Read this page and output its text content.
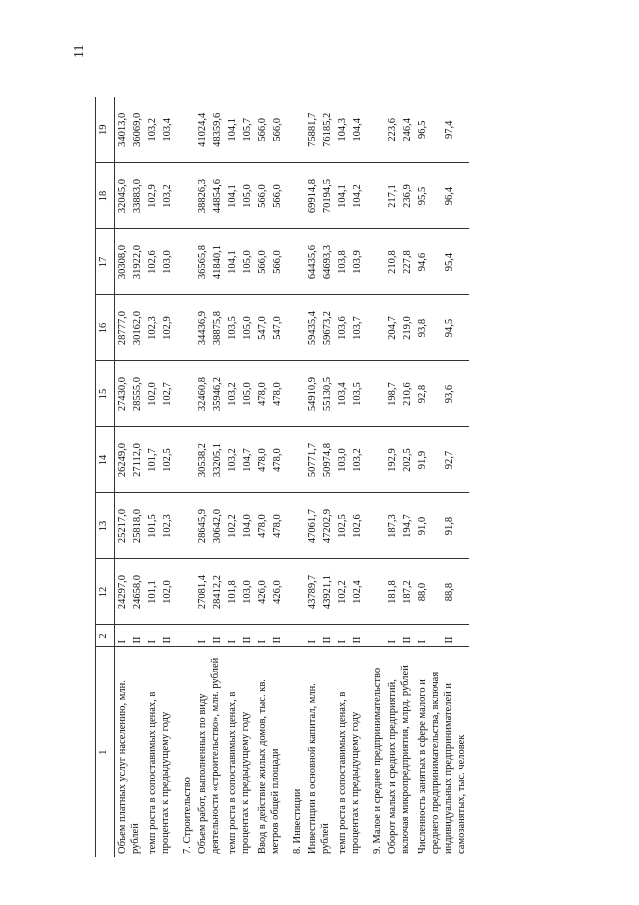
11
1	2	12	13	14	15	16	17	18	19
Объем платных услуг населению, млн. рублей	I	24297,0	25217,0	26249,0	27430,0	28777,0	30308,0	32045,0	34013,0
	II	24658,0	25818,0	27112,0	28555,0	30162,0	31922,0	33883,0	36069,0
темп роста в сопоставимых ценах, в процентах к предыдущему году	I	101,1	101,5	101,7	102,0	102,3	102,6	102,9	103,2
	II	102,0	102,3	102,5	102,7	102,9	103,0	103,2	103,4
7. Строительство									
Объем работ, выполненных по виду деятельности «строительство», млн. рублей	I	27081,4	28645,9	30538,2	32460,8	34436,9	36565,8	38826,3	41024,4
	II	28412,2	30642,0	33205,1	35946,2	38875,8	41840,1	44854,6	48359,6
темп роста в сопоставимых ценах, в процентах к предыдущему году	I	101,8	102,2	103,2	103,2	103,5	104,1	104,1	104,1
	II	103,0	104,0	104,7	105,0	105,0	105,0	105,0	105,7
Ввод в действие жилых домов, тыс. кв. метров общей площади	I	426,0	478,0	478,0	478,0	547,0	566,0	566,0	566,0
	II	426,0	478,0	478,0	478,0	547,0	566,0	566,0	566,0
8. Инвестиции									
Инвестиции в основной капитал, млн. рублей	I	43789,7	47061,7	50771,7	54910,9	59435,4	64435,6	69914,8	75881,7
	II	43921,1	47202,9	50974,8	55130,5	59673,2	64693,3	70194,5	76185,2
темп роста в сопоставимых ценах, в процентах к предыдущему году	I	102,2	102,5	103,0	103,4	103,6	103,8	104,1	104,3
	II	102,4	102,6	103,2	103,5	103,7	103,9	104,2	104,4
9. Малое и среднее предпринимательство									
Оборот малых и средних предприятий, включая микропредприятия, млрд. рублей	I	181,8	187,3	192,9	198,7	204,7	210,8	217,1	223,6
	II	187,2	194,7	202,5	210,6	219,0	227,8	236,9	246,4
Численность занятых в сфере малого и среднего предпринимательства, включая индивидуальных предпринимателей и самозанятых, тыс. человек	I	88,0	91,0	91,9	92,8	93,8	94,6	95,5	96,5
	II	88,8	91,8	92,7	93,6	94,5	95,4	96,4	97,4
